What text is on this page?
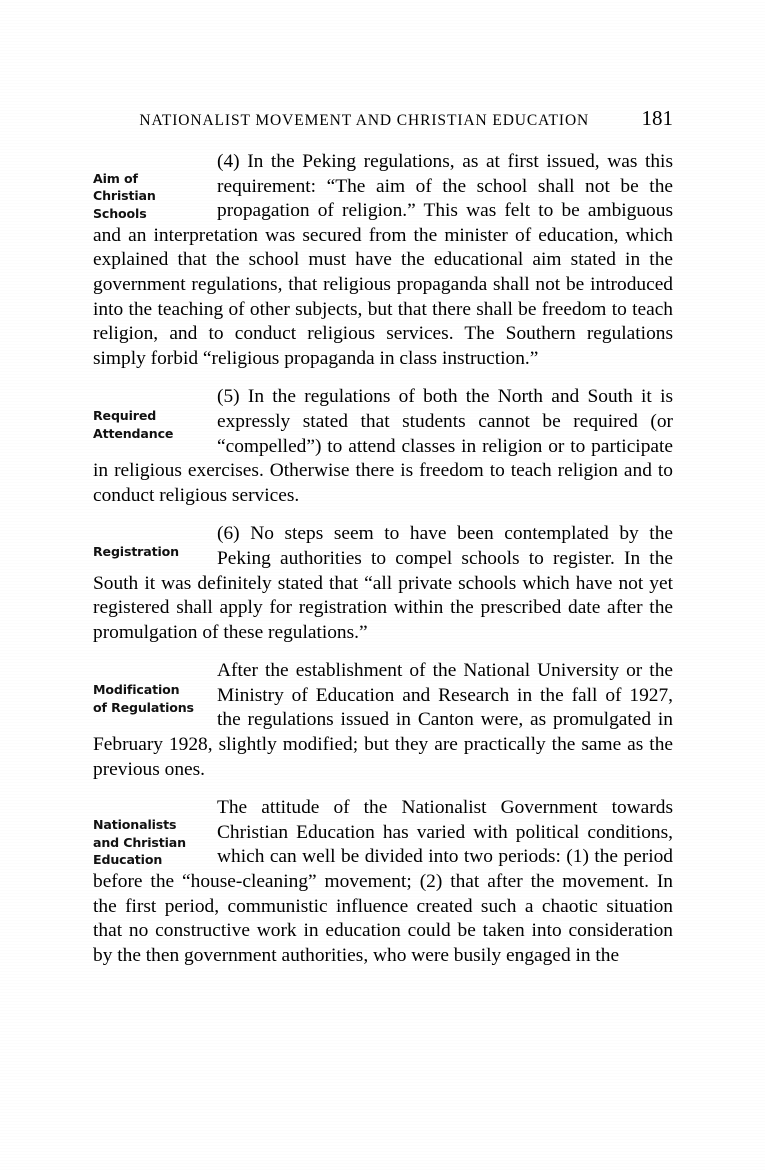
NATIONALIST MOVEMENT AND CHRISTIAN EDUCATION	181
Aim of
Christian
Schools

(4) In the Peking regulations, as at first issued, was this requirement: “The aim of the school shall not be the propagation of religion.” This was felt to be ambiguous and an interpretation was secured from the minister of education, which explained that the school must have the educational aim stated in the government regulations, that religious propaganda shall not be introduced into the teaching of other subjects, but that there shall be freedom to teach religion, and to conduct religious services. The Southern regulations simply forbid “religious propaganda in class instruction.”

Required
Attendance

(5) In the regulations of both the North and South it is expressly stated that students cannot be required (or “compelled”) to attend classes in religion or to participate in religious exercises. Otherwise there is freedom to teach religion and to conduct religious services.

Registration

(6) No steps seem to have been contemplated by the Peking authorities to compel schools to register. In the South it was definitely stated that “all private schools which have not yet registered shall apply for registration within the prescribed date after the promulgation of these regulations.”

Modification
of Regulations

After the establishment of the National University or the Ministry of Education and Research in the fall of 1927, the regulations issued in Canton were, as promulgated in February 1928, slightly modified; but they are practically the same as the previous ones.

Nationalists
and Christian
Education

The attitude of the Nationalist Government towards Christian Education has varied with political conditions, which can well be divided into two periods: (1) the period before the “house-cleaning” movement; (2) that after the movement. In the first period, communistic influence created such a chaotic situation that no constructive work in education could be taken into consideration by the then government authorities, who were busily engaged in the
